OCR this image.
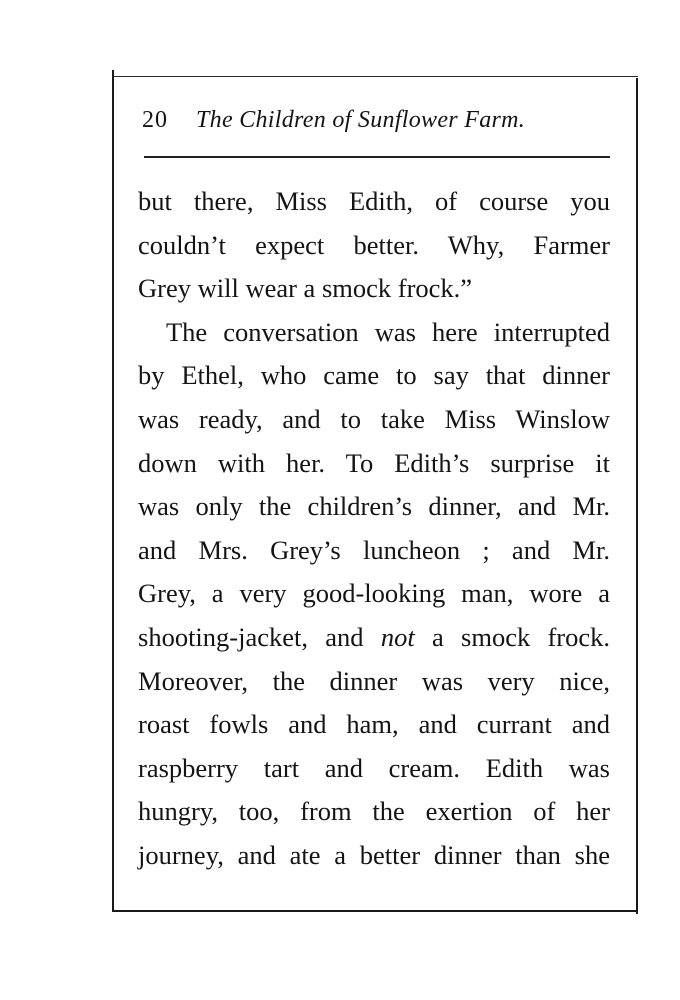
20 The Children of Sunflower Farm.
but there, Miss Edith, of course you
couldn’t expect better. Why, Farmer
Grey will wear a smock frock.”
The conversation was here interrupted
by Ethel, who came to say that dinner
was ready, and to take Miss Winslow
down with her. To Edith’s surprise it
was only the children’s dinner, and Mr.
and Mrs. Grey’s luncheon ; and Mr.
Grey, a very good-looking man, wore a
shooting-jacket, and not a smock frock.
Moreover, the dinner was very nice,
roast fowls and ham, and currant and
raspberry tart and cream. Edith was
hungry, too, from the exertion of her
journey, and ate a better dinner than she
